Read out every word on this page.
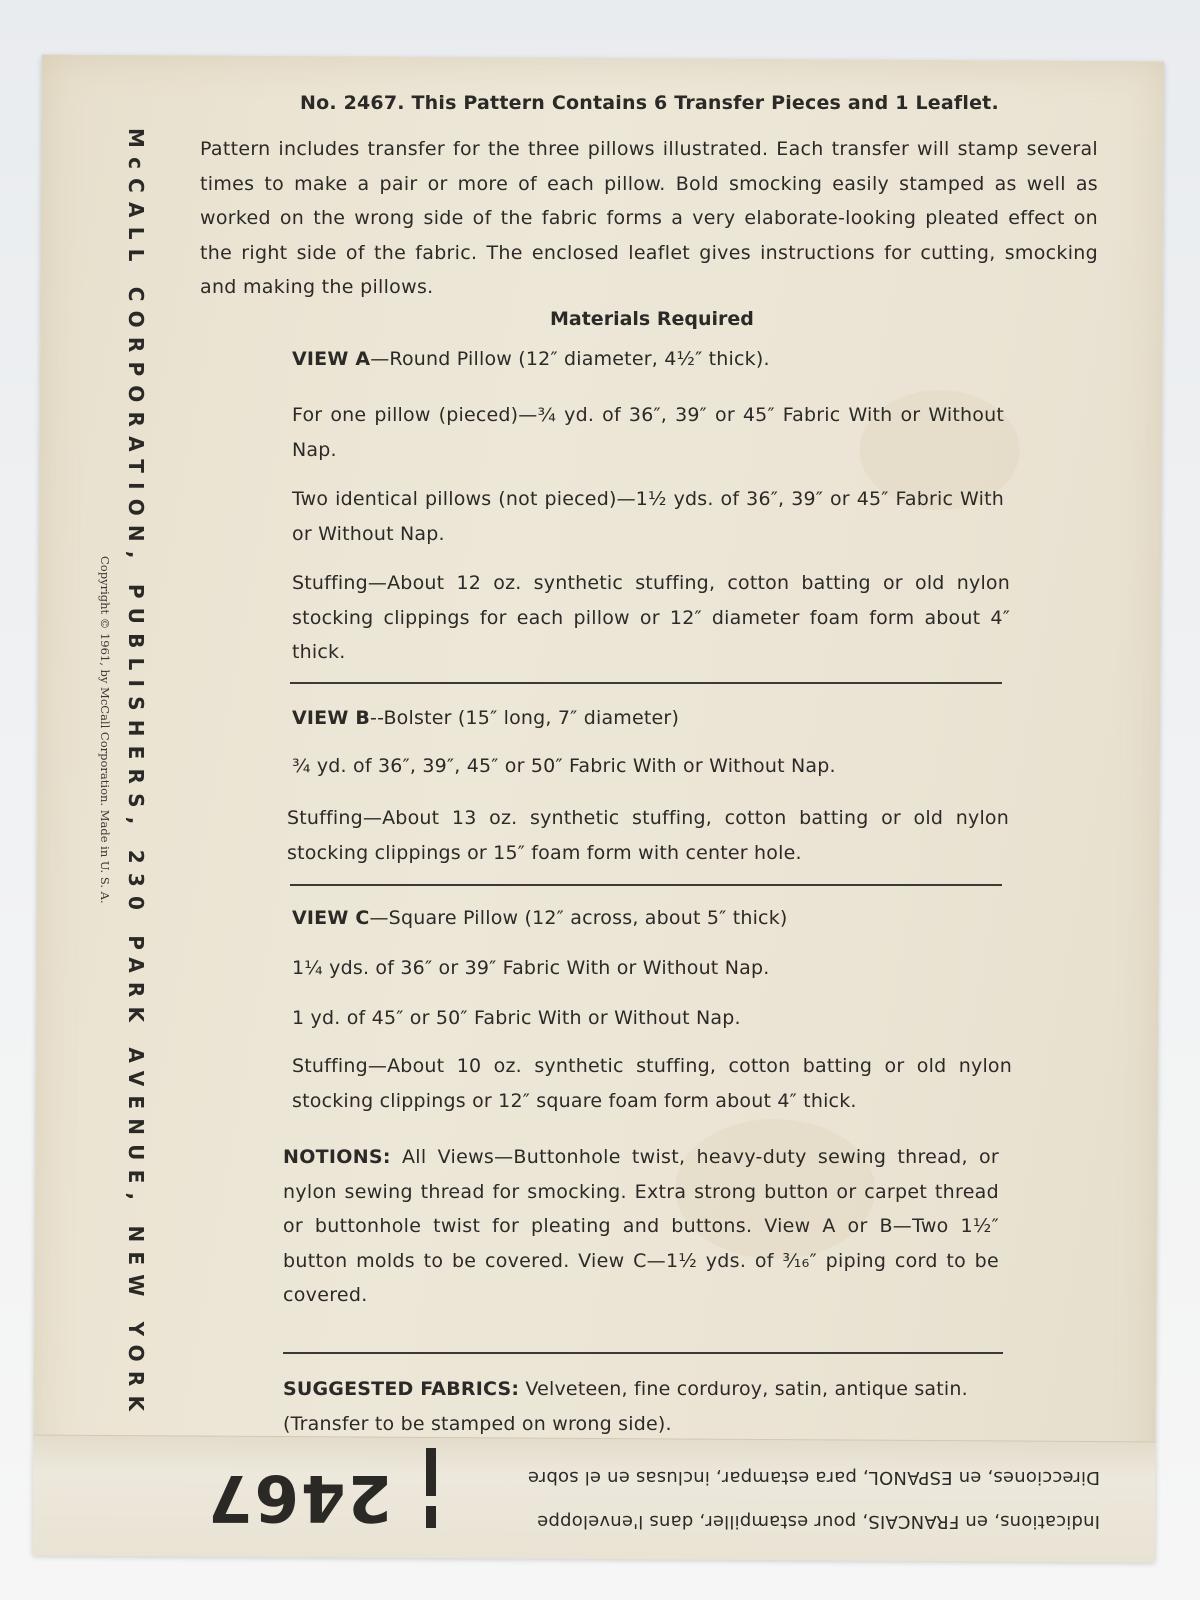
McCALL CORPORATION, PUBLISHERS, 230 PARK AVENUE, NEW YORK
Copyright © 1961, by McCall Corporation. Made in U. S. A.
No. 2467. This Pattern Contains 6 Transfer Pieces and 1 Leaflet.
Pattern includes transfer for the three pillows illustrated. Each transfer will stamp several times to make a pair or more of each pillow. Bold smocking easily stamped as well as worked on the wrong side of the fabric forms a very elaborate-looking pleated effect on the right side of the fabric. The enclosed leaflet gives instructions for cutting, smocking and making the pillows.
Materials Required
VIEW A—Round Pillow (12″ diameter, 4½″ thick).
For one pillow (pieced)—¾ yd. of 36″, 39″ or 45″ Fabric With or Without Nap.
Two identical pillows (not pieced)—1½ yds. of 36″, 39″ or 45″ Fabric With or Without Nap.
Stuffing—About 12 oz. synthetic stuffing, cotton batting or old nylon stocking clippings for each pillow or 12″ diameter foam form about 4″ thick.
VIEW B--Bolster (15″ long, 7″ diameter)
¾ yd. of 36″, 39″, 45″ or 50″ Fabric With or Without Nap.
Stuffing—About 13 oz. synthetic stuffing, cotton batting or old nylon stocking clippings or 15″ foam form with center hole.
VIEW C—Square Pillow (12″ across, about 5″ thick)
1¼ yds. of 36″ or 39″ Fabric With or Without Nap.
1 yd. of 45″ or 50″ Fabric With or Without Nap.
Stuffing—About 10 oz. synthetic stuffing, cotton batting or old nylon stocking clippings or 12″ square foam form about 4″ thick.
NOTIONS: All Views—Buttonhole twist, heavy-duty sewing thread, or nylon sewing thread for smocking. Extra strong button or carpet thread or buttonhole twist for pleating and buttons. View A or B—Two 1½″ button molds to be covered. View C—1½ yds. of ³⁄₁₆″ piping cord to be covered.
SUGGESTED FABRICS: Velveteen, fine corduroy, satin, antique satin. (Transfer to be stamped on wrong side).
Indications, en FRANCAIS, pour estampiller, dans l'enveloppe
Direcciones, en ESPANOL, para estampar, inclusas en el sobre
2467
